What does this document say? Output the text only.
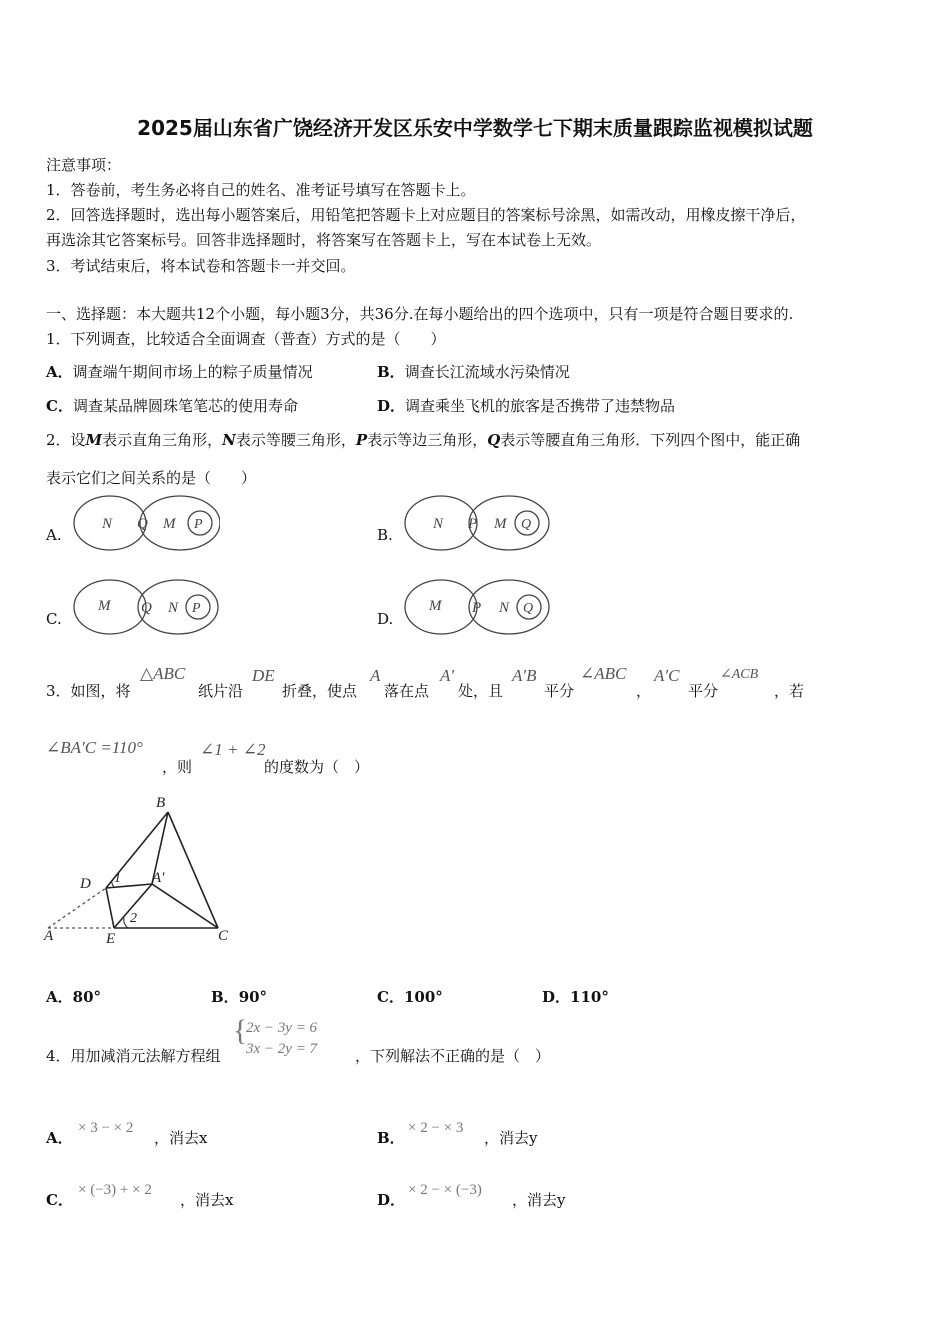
2025届山东省广饶经济开发区乐安中学数学七下期末质量跟踪监视模拟试题
注意事项：
1．答卷前，考生务必将自己的姓名、准考证号填写在答题卡上。
2．回答选择题时，选出每小题答案后，用铅笔把答题卡上对应题目的答案标号涂黑，如需改动，用橡皮擦干净后，
再选涂其它答案标号。回答非选择题时，将答案写在答题卡上，写在本试卷上无效。
3．考试结束后，将本试卷和答题卡一并交回。
一、选择题：本大题共12个小题，每小题3分，共36分.在每小题给出的四个选项中，只有一项是符合题目要求的.
1．下列调查，比较适合全面调查（普查）方式的是（　　）
A．调查端午期间市场上的粽子质量情况	B．调查长江流域水污染情况
C．调查某品牌圆珠笔笔芯的使用寿命	D．调查乘坐飞机的旅客是否携带了违禁物品
2．设M表示直角三角形，N表示等腰三角形，P表示等边三角形，Q表示等腰直角三角形．下列四个图中，能正确
表示它们之间关系的是（　　）
A.
N Q M P
B.
N P M Q
C.
M Q N P
D.
M P N Q
3．如图，将
△ABC
纸片沿
DE
折叠，使点
A
落在点
A′
处，且
A′B
平分
∠ABC
，
A′C
平分
∠ACB
，若
∠BA′C =110°
，则
∠1 + ∠2
的度数为（　）
B
D	A′
A	E	C
1
2
A．80°	B．90°	C．100°	D．110°
4．用加减消元法解方程组
{
2x − 3y = 6
3x − 2y = 7	，下列解法不正确的是（　）
A．
× 3 − × 2
，消去x	B．
× 2 − × 3
，消去y
C．
× (−3) + × 2
，消去x	D．
× 2 − × (−3)
，消去y
